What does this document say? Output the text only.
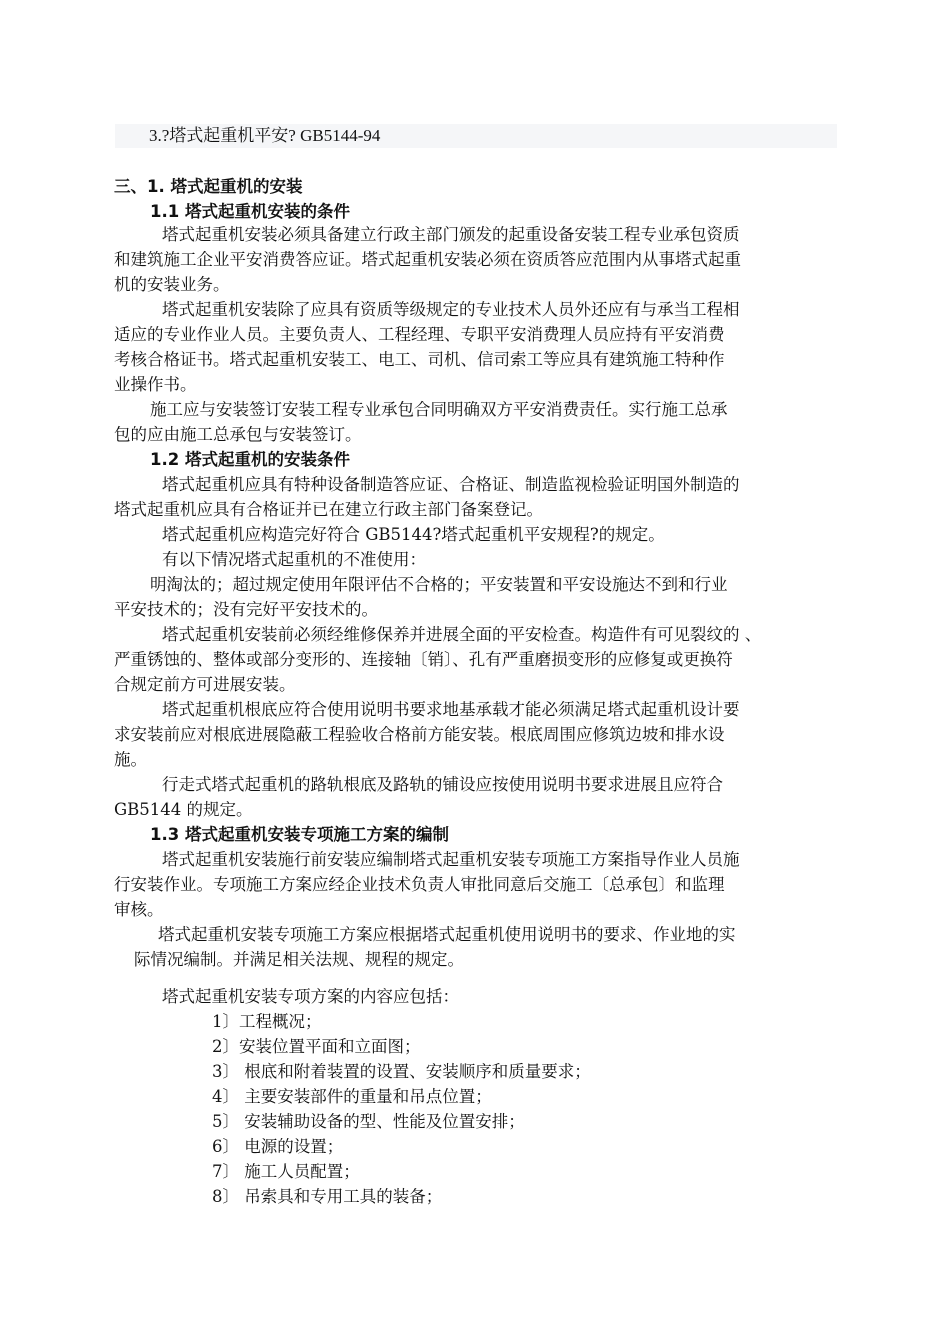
3.?塔式起重机平安? GB5144-94
三、1. 塔式起重机的安装
1.1 塔式起重机安装的条件
塔式起重机安装必须具备建立行政主部门颁发的起重设备安装工程专业承包资质
和建筑施工企业平安消费答应证。塔式起重机安装必须在资质答应范围内从事塔式起重
机的安装业务。
塔式起重机安装除了应具有资质等级规定的专业技术人员外还应有与承当工程相
适应的专业作业人员。主要负责人、工程经理、专职平安消费理人员应持有平安消费
考核合格证书。塔式起重机安装工、电工、司机、信司索工等应具有建筑施工特种作
业操作书。
施工应与安装签订安装工程专业承包合同明确双方平安消费责任。实行施工总承
包的应由施工总承包与安装签订。
1.2 塔式起重机的安装条件
塔式起重机应具有特种设备制造答应证、合格证、制造监视检验证明国外制造的
塔式起重机应具有合格证并已在建立行政主部门备案登记。
塔式起重机应构造完好符合 GB5144?塔式起重机平安规程?的规定。
有以下情况塔式起重机的不准使用：
明淘汰的；超过规定使用年限评估不合格的；平安装置和平安设施达不到和行业
平安技术的；没有完好平安技术的。
塔式起重机安装前必须经维修保养并进展全面的平安检查。构造件有可见裂纹的 、
严重锈蚀的、整体或部分变形的、连接轴〔销〕、孔有严重磨损变形的应修复或更换符
合规定前方可进展安装。
塔式起重机根底应符合使用说明书要求地基承载才能必须满足塔式起重机设计要
求安装前应对根底进展隐蔽工程验收合格前方能安装。根底周围应修筑边坡和排水设
施。
行走式塔式起重机的路轨根底及路轨的铺设应按使用说明书要求进展且应符合
GB5144 的规定。
1.3 塔式起重机安装专项施工方案的编制
塔式起重机安装施行前安装应编制塔式起重机安装专项施工方案指导作业人员施
行安装作业。专项施工方案应经企业技术负责人审批同意后交施工〔总承包〕和监理
审核。
塔式起重机安装专项施工方案应根据塔式起重机使用说明书的要求、作业地的实
际情况编制。并满足相关法规、规程的规定。
塔式起重机安装专项方案的内容应包括：
1〕工程概况；
2〕安装位置平面和立面图；
3〕 根底和附着装置的设置、安装顺序和质量要求；
4〕 主要安装部件的重量和吊点位置；
5〕 安装辅助设备的型、性能及位置安排；
6〕 电源的设置；
7〕 施工人员配置；
8〕 吊索具和专用工具的装备；
